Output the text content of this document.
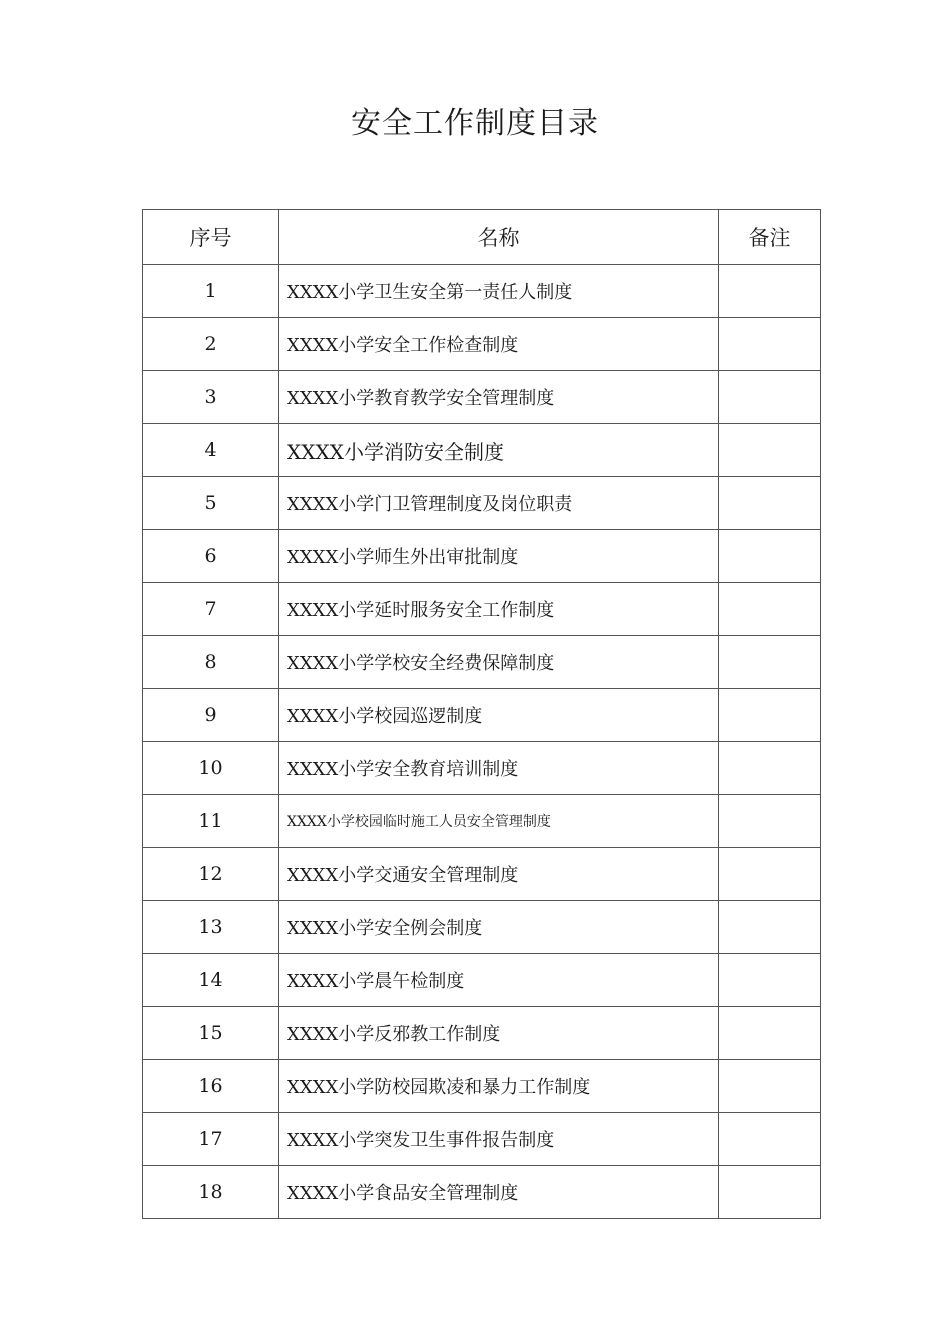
安全工作制度目录
序号	名称	备注
1	XXXX小学卫生安全第一责任人制度	
2	XXXX小学安全工作检查制度	
3	XXXX小学教育教学安全管理制度	
4	XXXX小学消防安全制度	
5	XXXX小学门卫管理制度及岗位职责	
6	XXXX小学师生外出审批制度	
7	XXXX小学延时服务安全工作制度	
8	XXXX小学学校安全经费保障制度	
9	XXXX小学校园巡逻制度	
10	XXXX小学安全教育培训制度	
11	XXXX小学校园临时施工人员安全管理制度	
12	XXXX小学交通安全管理制度	
13	XXXX小学安全例会制度	
14	XXXX小学晨午检制度	
15	XXXX小学反邪教工作制度	
16	XXXX小学防校园欺凌和暴力工作制度	
17	XXXX小学突发卫生事件报告制度	
18	XXXX小学食品安全管理制度	
